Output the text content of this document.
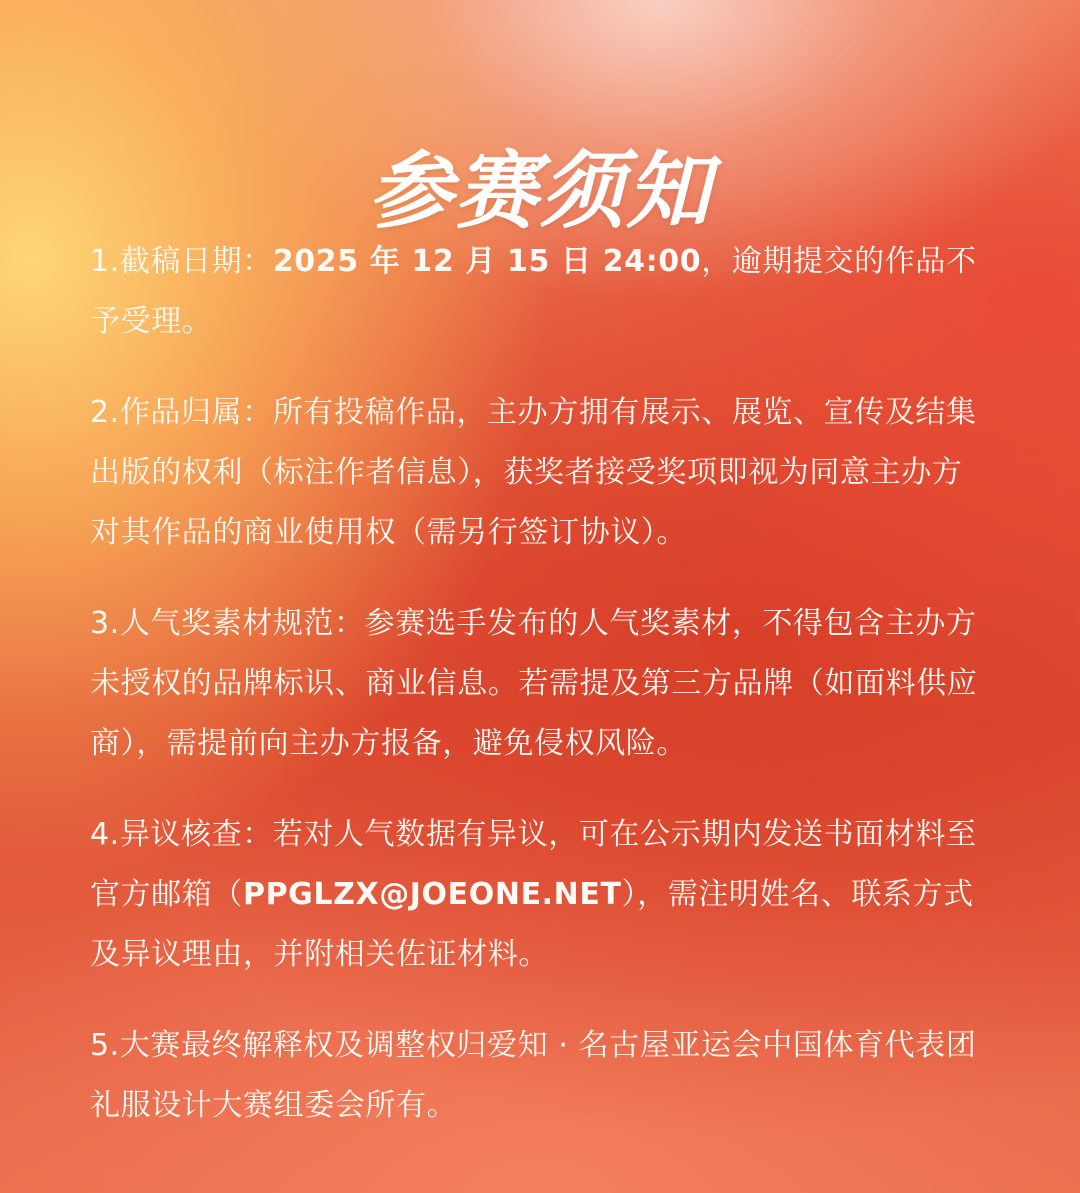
参赛须知

1.截稿日期：2025 年 12 月 15 日 24:00，逾期提交的作品不予受理。

2.作品归属：所有投稿作品，主办方拥有展示、展览、宣传及结集出版的权利（标注作者信息），获奖者接受奖项即视为同意主办方对其作品的商业使用权（需另行签订协议）。

3.人气奖素材规范：参赛选手发布的人气奖素材，不得包含主办方未授权的品牌标识、商业信息。若需提及第三方品牌（如面料供应商），需提前向主办方报备，避免侵权风险。

4.异议核查：若对人气数据有异议，可在公示期内发送书面材料至官方邮箱（PPGLZX@JOEONE.NET），需注明姓名、联系方式及异议理由，并附相关佐证材料。

5.大赛最终解释权及调整权归爱知 · 名古屋亚运会中国体育代表团礼服设计大赛组委会所有。
